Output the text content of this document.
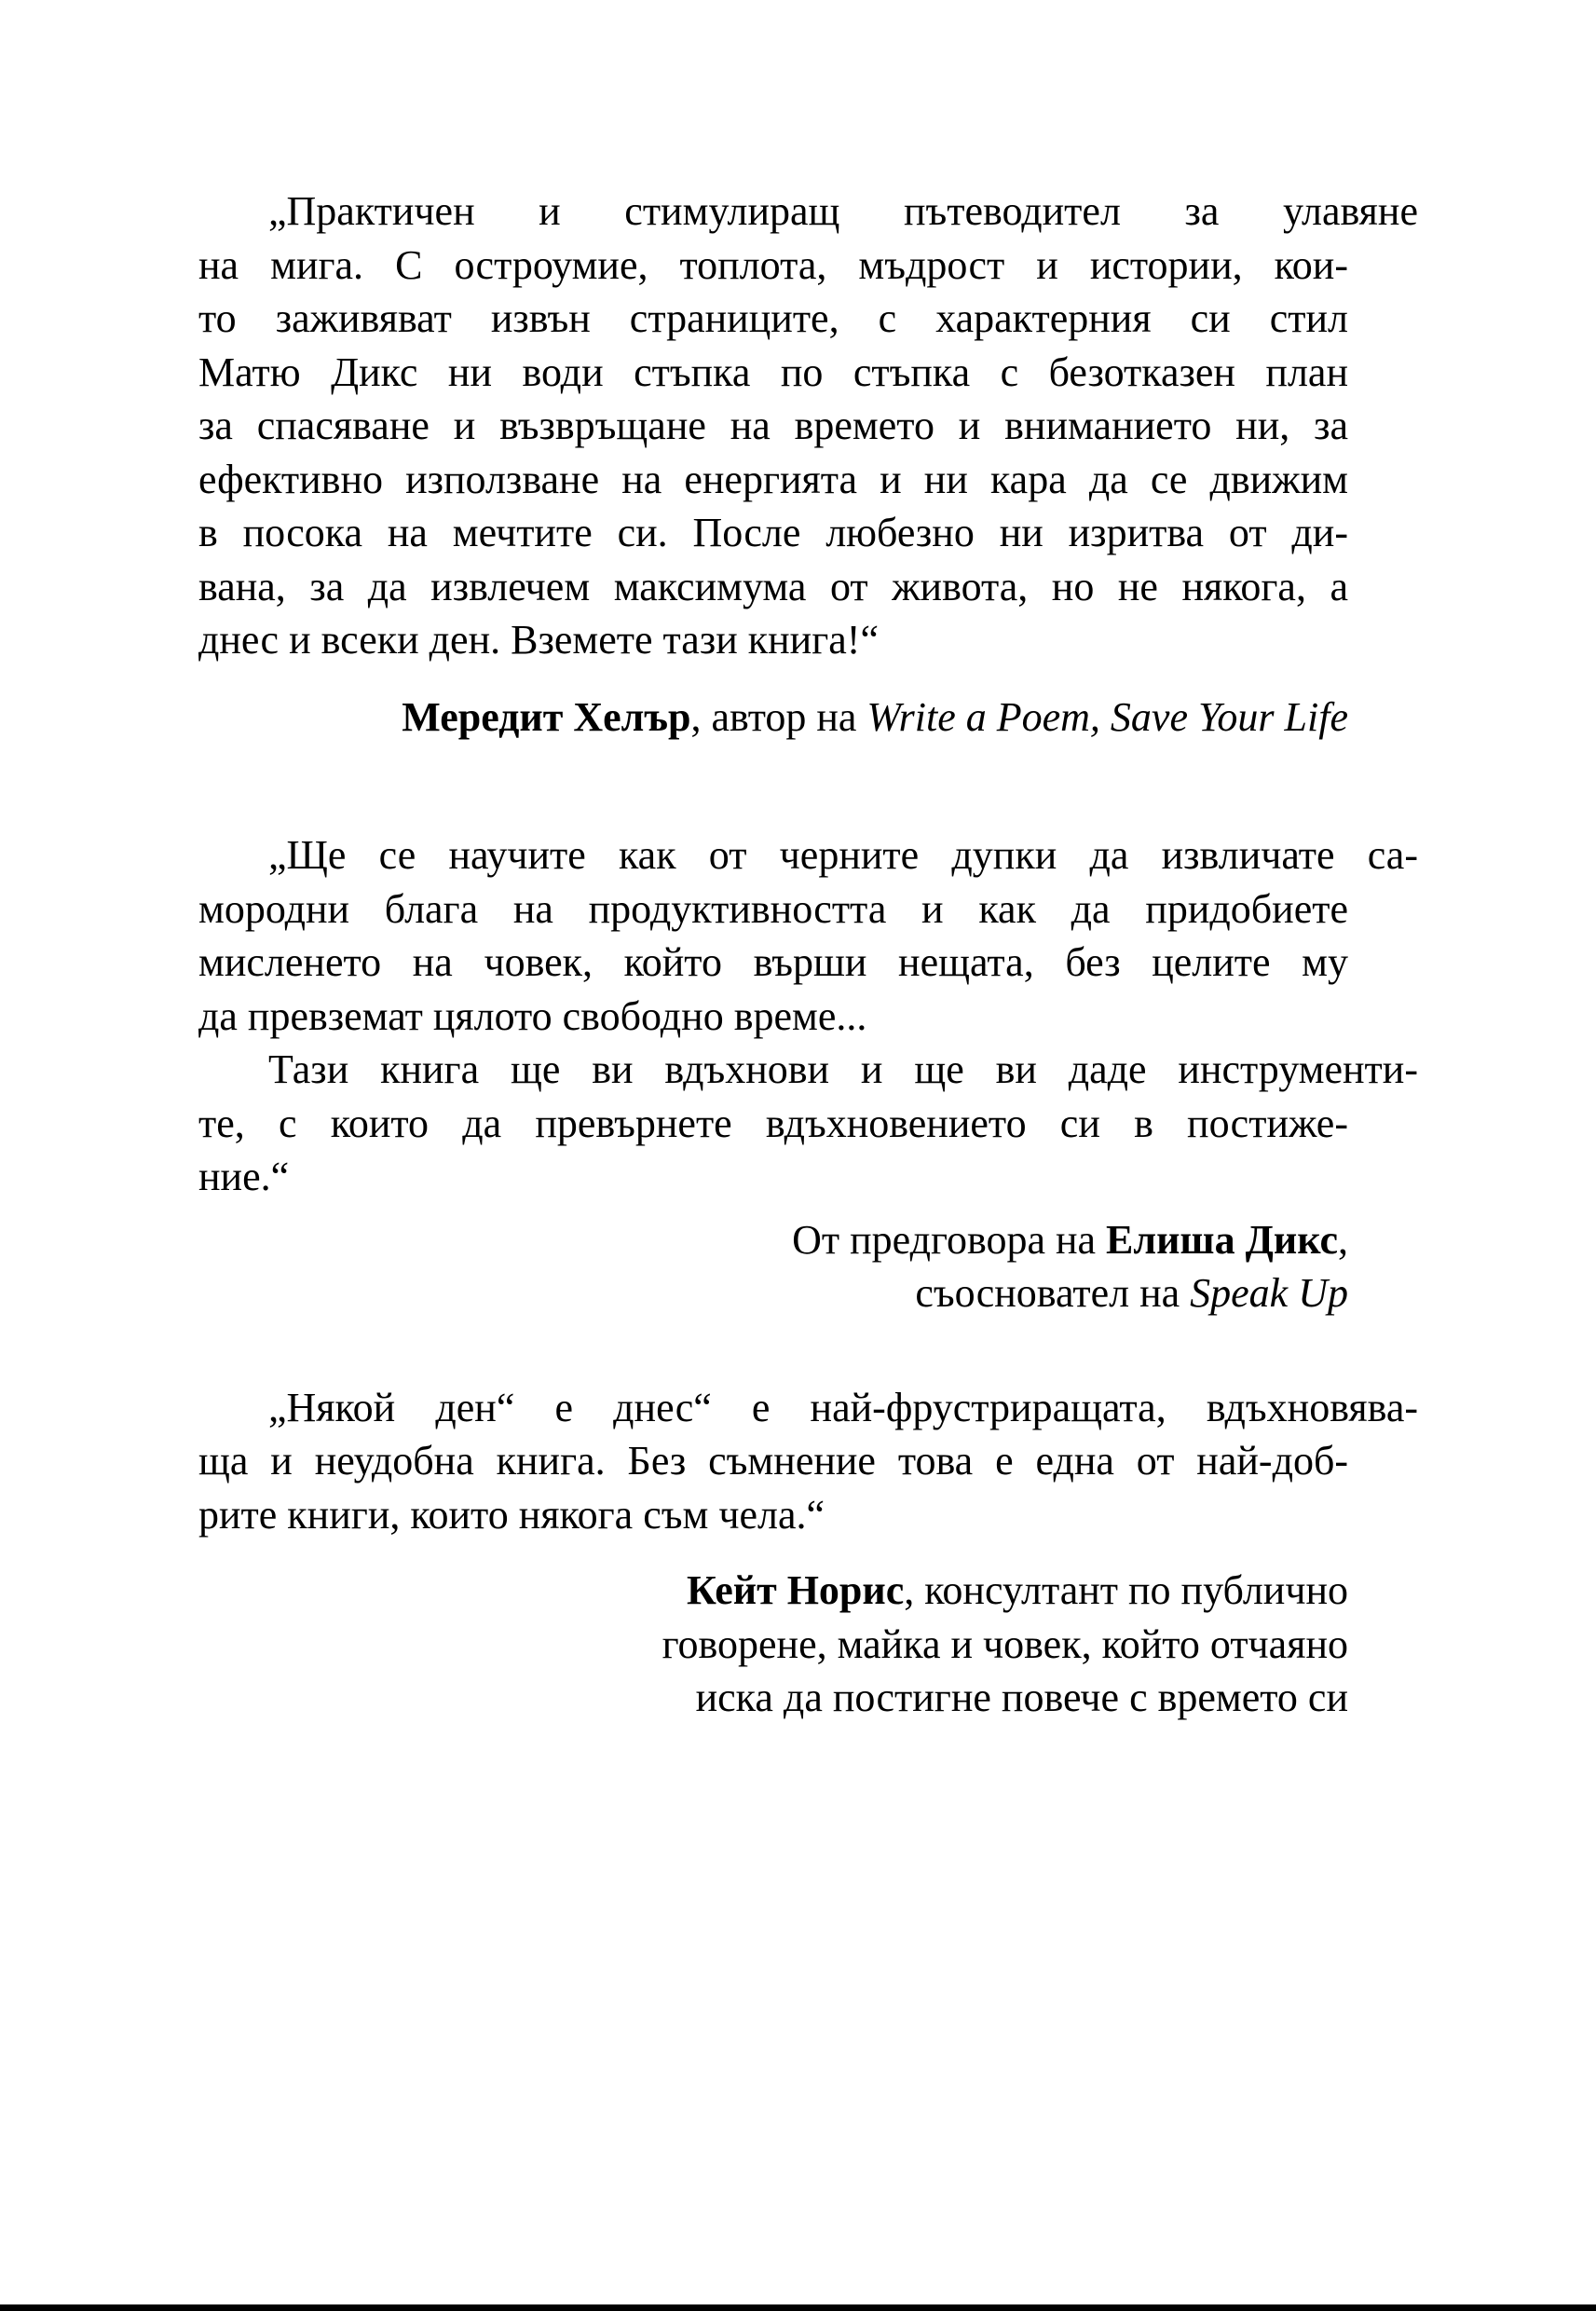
„Практичен и стимулиращ пътеводител за улавяне
на мига. С остроумие, топлота, мъдрост и истории, кои-
то заживяват извън страниците, с характерния си стил
Матю Дикс ни води стъпка по стъпка с безотказен план
за спасяване и възвръщане на времето и вниманието ни, за
ефективно използване на енергията и ни кара да се движим
в посока на мечтите си. После любезно ни изритва от ди-
вана, за да извлечем максимума от живота, но не някога, а
днес и всеки ден. Вземете тази книга!“
Мередит Хелър, автор на Write a Poem, Save Your Life
„Ще се научите как от черните дупки да извличате са-
мородни блага на продуктивността и как да придобиете
мисленето на човек, който върши нещата, без целите му
да превземат цялото свободно време...
Тази книга ще ви вдъхнови и ще ви даде инструменти-
те, с които да превърнете вдъхновението си в постиже-
ние.“
От предговора на Елиша Дикс,
съосновател на Speak Up
„Някой ден“ е днес“ е най-фрустриращата, вдъхновява-
ща и неудобна книга. Без съмнение това е една от най-доб-
рите книги, които някога съм чела.“
Кейт Норис, консултант по публично
говорене, майка и човек, който отчаяно
иска да постигне повече с времето си
